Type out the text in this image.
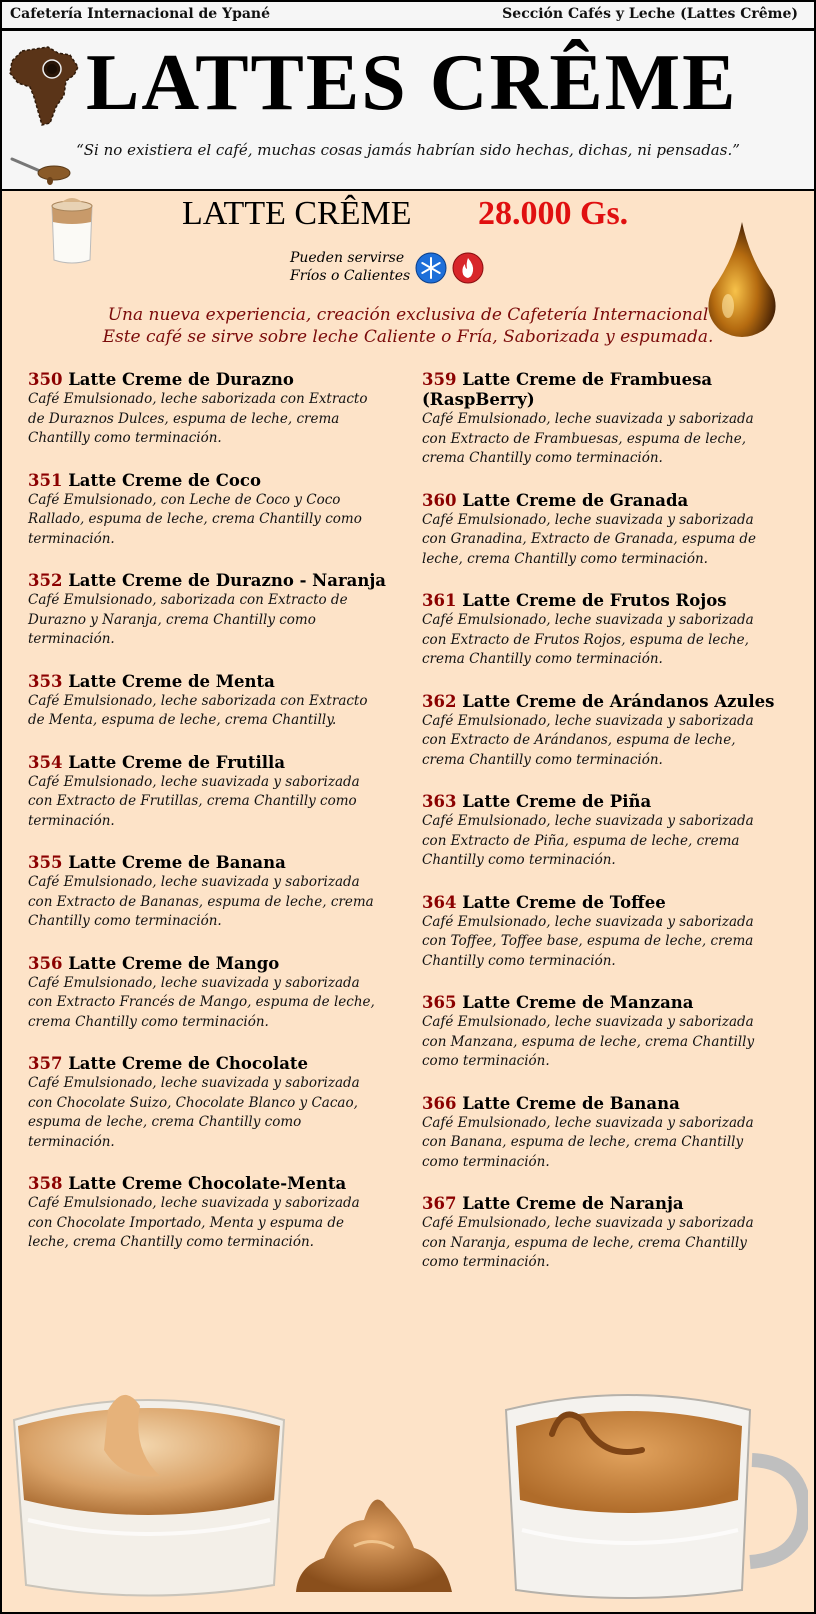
Cafetería Internacional de Ypané	Sección Cafés y Leche (Lattes Crême)
LATTES CRÊME
“Si no existiera el café, muchas cosas jamás habrían sido hechas, dichas, ni pensadas.”
LATTE CRÊME 28.000 Gs.
Pueden servirse
Fríos o Calientes
Una nueva experiencia, creación exclusiva de Cafetería Internacional
Este café se sirve sobre leche Caliente o Fría, Saborizada y espumada.
350 Latte Creme de Durazno
Café Emulsionado, leche saborizada con Extracto de Duraznos Dulces, espuma de leche, crema Chantilly como terminación.
351 Latte Creme de Coco
Café Emulsionado, con Leche de Coco y Coco Rallado, espuma de leche, crema Chantilly como terminación.
352 Latte Creme de Durazno - Naranja
Café Emulsionado, saborizada con Extracto de Durazno y Naranja, crema Chantilly como terminación.
353 Latte Creme de Menta
Café Emulsionado, leche saborizada con Extracto de Menta, espuma de leche, crema Chantilly.
354 Latte Creme de Frutilla
Café Emulsionado, leche suavizada y saborizada con Extracto de Frutillas, crema Chantilly como terminación.
355 Latte Creme de Banana
Café Emulsionado, leche suavizada y saborizada con Extracto de Bananas, espuma de leche, crema Chantilly como terminación.
356 Latte Creme de Mango
Café Emulsionado, leche suavizada y saborizada con Extracto Francés de Mango, espuma de leche, crema Chantilly como terminación.
357 Latte Creme de Chocolate
Café Emulsionado, leche suavizada y saborizada con Chocolate Suizo, Chocolate Blanco y Cacao, espuma de leche, crema Chantilly como terminación.
358 Latte Creme Chocolate-Menta
Café Emulsionado, leche suavizada y saborizada con Chocolate Importado, Menta y espuma de leche, crema Chantilly como terminación.
359 Latte Creme de Frambuesa (RaspBerry)
Café Emulsionado, leche suavizada y saborizada con Extracto de Frambuesas, espuma de leche, crema Chantilly como terminación.
360 Latte Creme de Granada
Café Emulsionado, leche suavizada y saborizada con Granadina, Extracto de Granada, espuma de leche, crema Chantilly como terminación.
361 Latte Creme de Frutos Rojos
Café Emulsionado, leche suavizada y saborizada con Extracto de Frutos Rojos, espuma de leche, crema Chantilly como terminación.
362 Latte Creme de Arándanos Azules
Café Emulsionado, leche suavizada y saborizada con Extracto de Arándanos, espuma de leche, crema Chantilly como terminación.
363 Latte Creme de Piña
Café Emulsionado, leche suavizada y saborizada con Extracto de Piña, espuma de leche, crema Chantilly como terminación.
364 Latte Creme de Toffee
Café Emulsionado, leche suavizada y saborizada con Toffee, Toffee base, espuma de leche, crema Chantilly como terminación.
365 Latte Creme de Manzana
Café Emulsionado, leche suavizada y saborizada con Manzana, espuma de leche, crema Chantilly como terminación.
366 Latte Creme de Banana
Café Emulsionado, leche suavizada y saborizada con Banana, espuma de leche, crema Chantilly como terminación.
367 Latte Creme de Naranja
Café Emulsionado, leche suavizada y saborizada con Naranja, espuma de leche, crema Chantilly como terminación.
